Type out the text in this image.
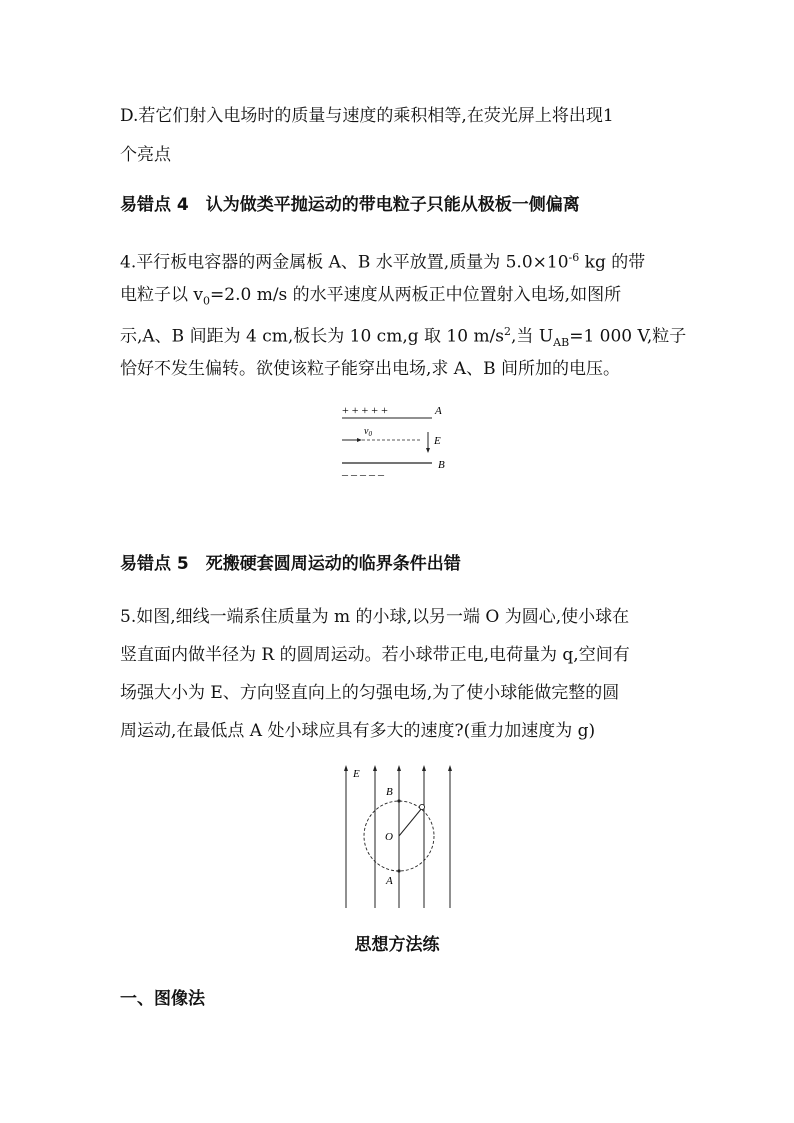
D.若它们射入电场时的质量与速度的乘积相等,在荧光屏上将出现1
个亮点
易错点 4　认为做类平抛运动的带电粒子只能从极板一侧偏离
4.平行板电容器的两金属板 A、B 水平放置,质量为 $5.0\times 10^{-6}$ kg 的带
电粒子以 $v_0=2.0$ m/s 的水平速度从两板正中位置射入电场,如图所
示,A、B 间距为 4 cm,板长为 10 cm,g 取 10 $m/s^2$,当 $U_{AB}=1$ 000 V,粒子
恰好不发生偏转。欲使该粒子能穿出电场,求 A、B 间所加的电压。
+ + + + +	A
$v_0$
E
B
– – – – –
易错点 5　死搬硬套圆周运动的临界条件出错
5.如图,细线一端系住质量为 m 的小球,以另一端 O 为圆心,使小球在
竖直面内做半径为 R 的圆周运动。若小球带正电,电荷量为 q,空间有
场强大小为 E、方向竖直向上的匀强电场,为了使小球能做完整的圆
周运动,在最低点 A 处小球应具有多大的速度?(重力加速度为 g)
E
B
O
A
思想方法练
一、图像法
